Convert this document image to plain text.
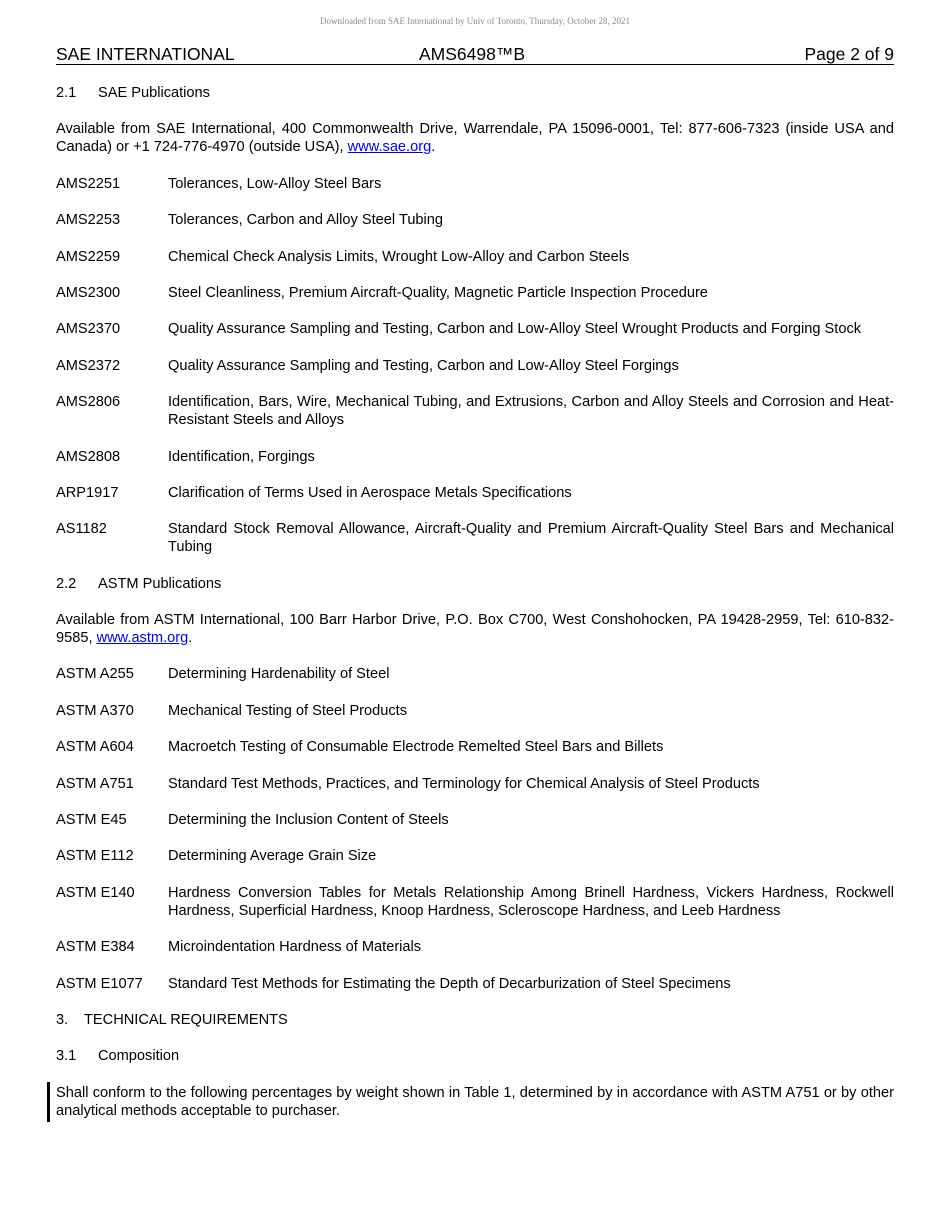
Downloaded from SAE International by Univ of Toronto, Thursday, October 28, 2021
SAE INTERNATIONAL	AMS6498™B	Page 2 of 9
2.1	SAE Publications
Available from SAE International, 400 Commonwealth Drive, Warrendale, PA 15096-0001, Tel: 877-606-7323 (inside USA and Canada) or +1 724-776-4970 (outside USA), www.sae.org.
AMS2251	Tolerances, Low-Alloy Steel Bars
AMS2253	Tolerances, Carbon and Alloy Steel Tubing
AMS2259	Chemical Check Analysis Limits, Wrought Low-Alloy and Carbon Steels
AMS2300	Steel Cleanliness, Premium Aircraft-Quality, Magnetic Particle Inspection Procedure
AMS2370	Quality Assurance Sampling and Testing, Carbon and Low-Alloy Steel Wrought Products and Forging Stock
AMS2372	Quality Assurance Sampling and Testing, Carbon and Low-Alloy Steel Forgings
AMS2806	Identification, Bars, Wire, Mechanical Tubing, and Extrusions, Carbon and Alloy Steels and Corrosion and Heat-Resistant Steels and Alloys
AMS2808	Identification, Forgings
ARP1917	Clarification of Terms Used in Aerospace Metals Specifications
AS1182	Standard Stock Removal Allowance, Aircraft-Quality and Premium Aircraft-Quality Steel Bars and Mechanical Tubing
2.2	ASTM Publications
Available from ASTM International, 100 Barr Harbor Drive, P.O. Box C700, West Conshohocken, PA 19428-2959, Tel: 610-832-9585, www.astm.org.
ASTM A255	Determining Hardenability of Steel
ASTM A370	Mechanical Testing of Steel Products
ASTM A604	Macroetch Testing of Consumable Electrode Remelted Steel Bars and Billets
ASTM A751	Standard Test Methods, Practices, and Terminology for Chemical Analysis of Steel Products
ASTM E45	Determining the Inclusion Content of Steels
ASTM E112	Determining Average Grain Size
ASTM E140	Hardness Conversion Tables for Metals Relationship Among Brinell Hardness, Vickers Hardness, Rockwell Hardness, Superficial Hardness, Knoop Hardness, Scleroscope Hardness, and Leeb Hardness
ASTM E384	Microindentation Hardness of Materials
ASTM E1077	Standard Test Methods for Estimating the Depth of Decarburization of Steel Specimens
3.	TECHNICAL REQUIREMENTS
3.1	Composition
Shall conform to the following percentages by weight shown in Table 1, determined by in accordance with ASTM A751 or by other analytical methods acceptable to purchaser.
